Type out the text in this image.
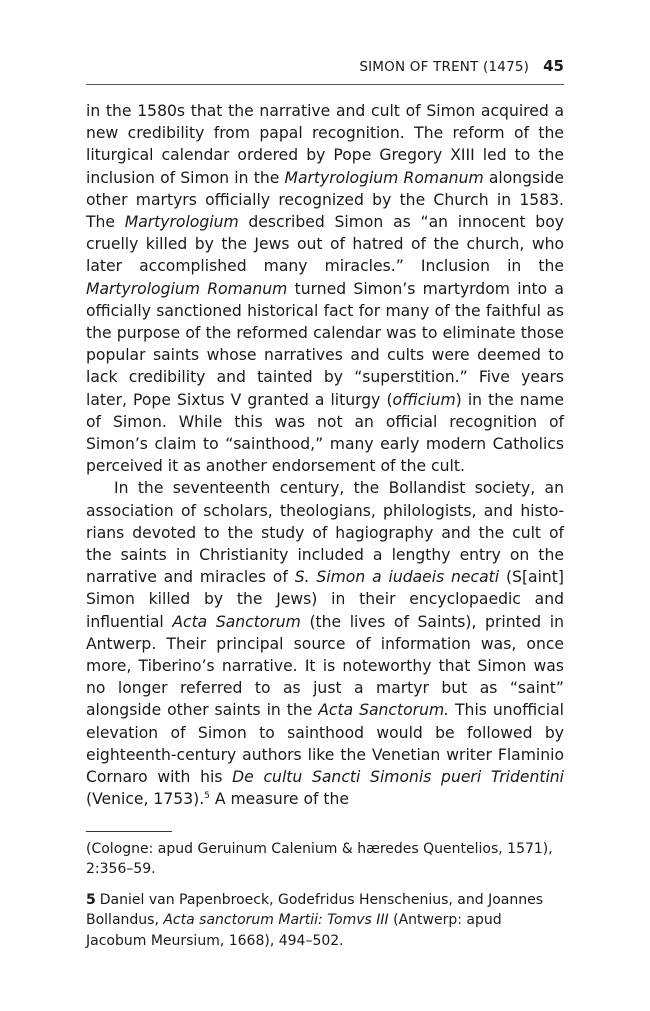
SIMON OF TRENT (1475) 45

in the 1580s that the narrative and cult of Simon acquired a new credibility from papal recognition. The reform of the liturgical calendar ordered by Pope Gregory XIII led to the inclusion of Simon in the Martyrologium Romanum alongside other martyrs officially recognized by the Church in 1583. The Martyrologium described Simon as “an innocent boy cruelly killed by the Jews out of hatred of the church, who later accomplished many miracles.” Inclusion in the Martyrologium Romanum turned Simon’s martyrdom into a officially sanctioned historical fact for many of the faithful as the purpose of the reformed calendar was to eliminate those popular saints whose narratives and cults were deemed to lack credibility and tainted by “superstition.” Five years later, Pope Sixtus V granted a liturgy (officium) in the name of Simon. While this was not an official recognition of Simon’s claim to “sainthood,” many early modern Catholics perceived it as another endorsement of the cult.

In the seventeenth century, the Bollandist society, an association of scholars, theologians, philologists, and historians devoted to the study of hagiography and the cult of the saints in Christianity included a lengthy entry on the narrative and miracles of S. Simon a iudaeis necati (S[aint] Simon killed by the Jews) in their encyclopaedic and influential Acta Sanctorum (the lives of Saints), printed in Antwerp. Their principal source of information was, once more, Tiberino’s narrative. It is noteworthy that Simon was no longer referred to as just a martyr but as “saint” alongside other saints in the Acta Sanctorum. This unofficial elevation of Simon to sainthood would be followed by eighteenth-century authors like the Venetian writer Flaminio Cornaro with his De cultu Sancti Simonis pueri Tridentini (Venice, 1753).$^5$ A measure of the

(Cologne: apud Geruinum Calenium & hæredes Quentelios, 1571), 2:356–59.

5 Daniel van Papenbroeck, Godefridus Henschenius, and Joannes Bollandus, Acta sanctorum Martii: Tomvs III (Antwerp: apud Jacobum Meursium, 1668), 494–502.
